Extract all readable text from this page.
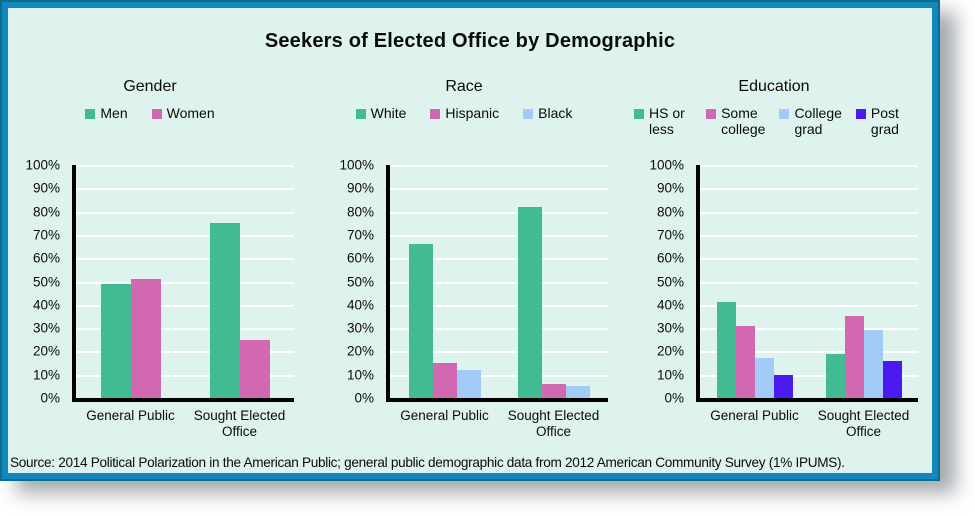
Seekers of Elected Office by Demographic
Gender
Men	Women
100%
90%
80%
70%
60%
50%
40%
30%
20%
10%
0%
General Public	Sought Elected Office
Race
White	Hispanic	Black
100%
90%
80%
70%
60%
50%
40%
30%
20%
10%
0%
General Public	Sought Elected Office
Education
HS or less
Some college
College grad
Post grad
100%
90%
80%
70%
60%
50%
40%
30%
20%
10%
0%
General Public	Sought Elected Office
Source: 2014 Political Polarization in the American Public; general public demographic data from 2012 American Community Survey (1% IPUMS).
